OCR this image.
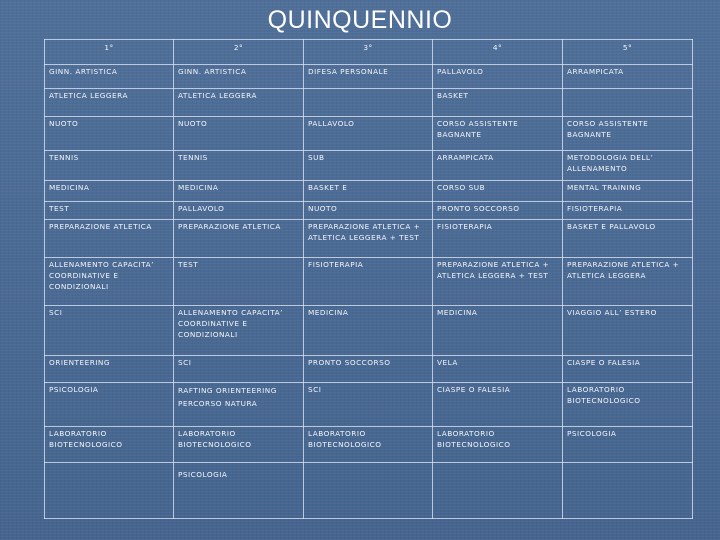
QUINQUENNIO
1°	2°	3°	4°	5°
GINN. ARTISTICA	GINN. ARTISTICA	DIFESA PERSONALE	PALLAVOLO	ARRAMPICATA
ATLETICA LEGGERA	ATLETICA LEGGERA		BASKET	
NUOTO	NUOTO	PALLAVOLO	CORSO ASSISTENTE BAGNANTE	CORSO ASSISTENTE BAGNANTE
TENNIS	TENNIS	SUB	ARRAMPICATA	METODOLOGIA DELL’ ALLENAMENTO
MEDICINA	MEDICINA	BASKET E	CORSO SUB	MENTAL TRAINING
TEST	PALLAVOLO	NUOTO	PRONTO SOCCORSO	FISIOTERAPIA
PREPARAZIONE ATLETICA	PREPARAZIONE ATLETICA	PREPARAZIONE ATLETICA + ATLETICA LEGGERA + TEST	FISIOTERAPIA	BASKET E PALLAVOLO
ALLENAMENTO CAPACITA’ COORDINATIVE E CONDIZIONALI	TEST	FISIOTERAPIA	PREPARAZIONE ATLETICA + ATLETICA LEGGERA + TEST	PREPARAZIONE ATLETICA + ATLETICA LEGGERA
SCI	ALLENAMENTO CAPACITA’ COORDINATIVE E CONDIZIONALI	MEDICINA	MEDICINA	VIAGGIO ALL’ ESTERO
ORIENTEERING	SCI	PRONTO SOCCORSO	VELA	CIASPE O FALESIA
PSICOLOGIA	RAFTING ORIENTEERING PERCORSO NATURA	SCI	CIASPE O FALESIA	LABORATORIO BIOTECNOLOGICO
LABORATORIO BIOTECNOLOGICO	LABORATORIO BIOTECNOLOGICO	LABORATORIO BIOTECNOLOGICO	LABORATORIO BIOTECNOLOGICO	PSICOLOGIA
	PSICOLOGIA			
